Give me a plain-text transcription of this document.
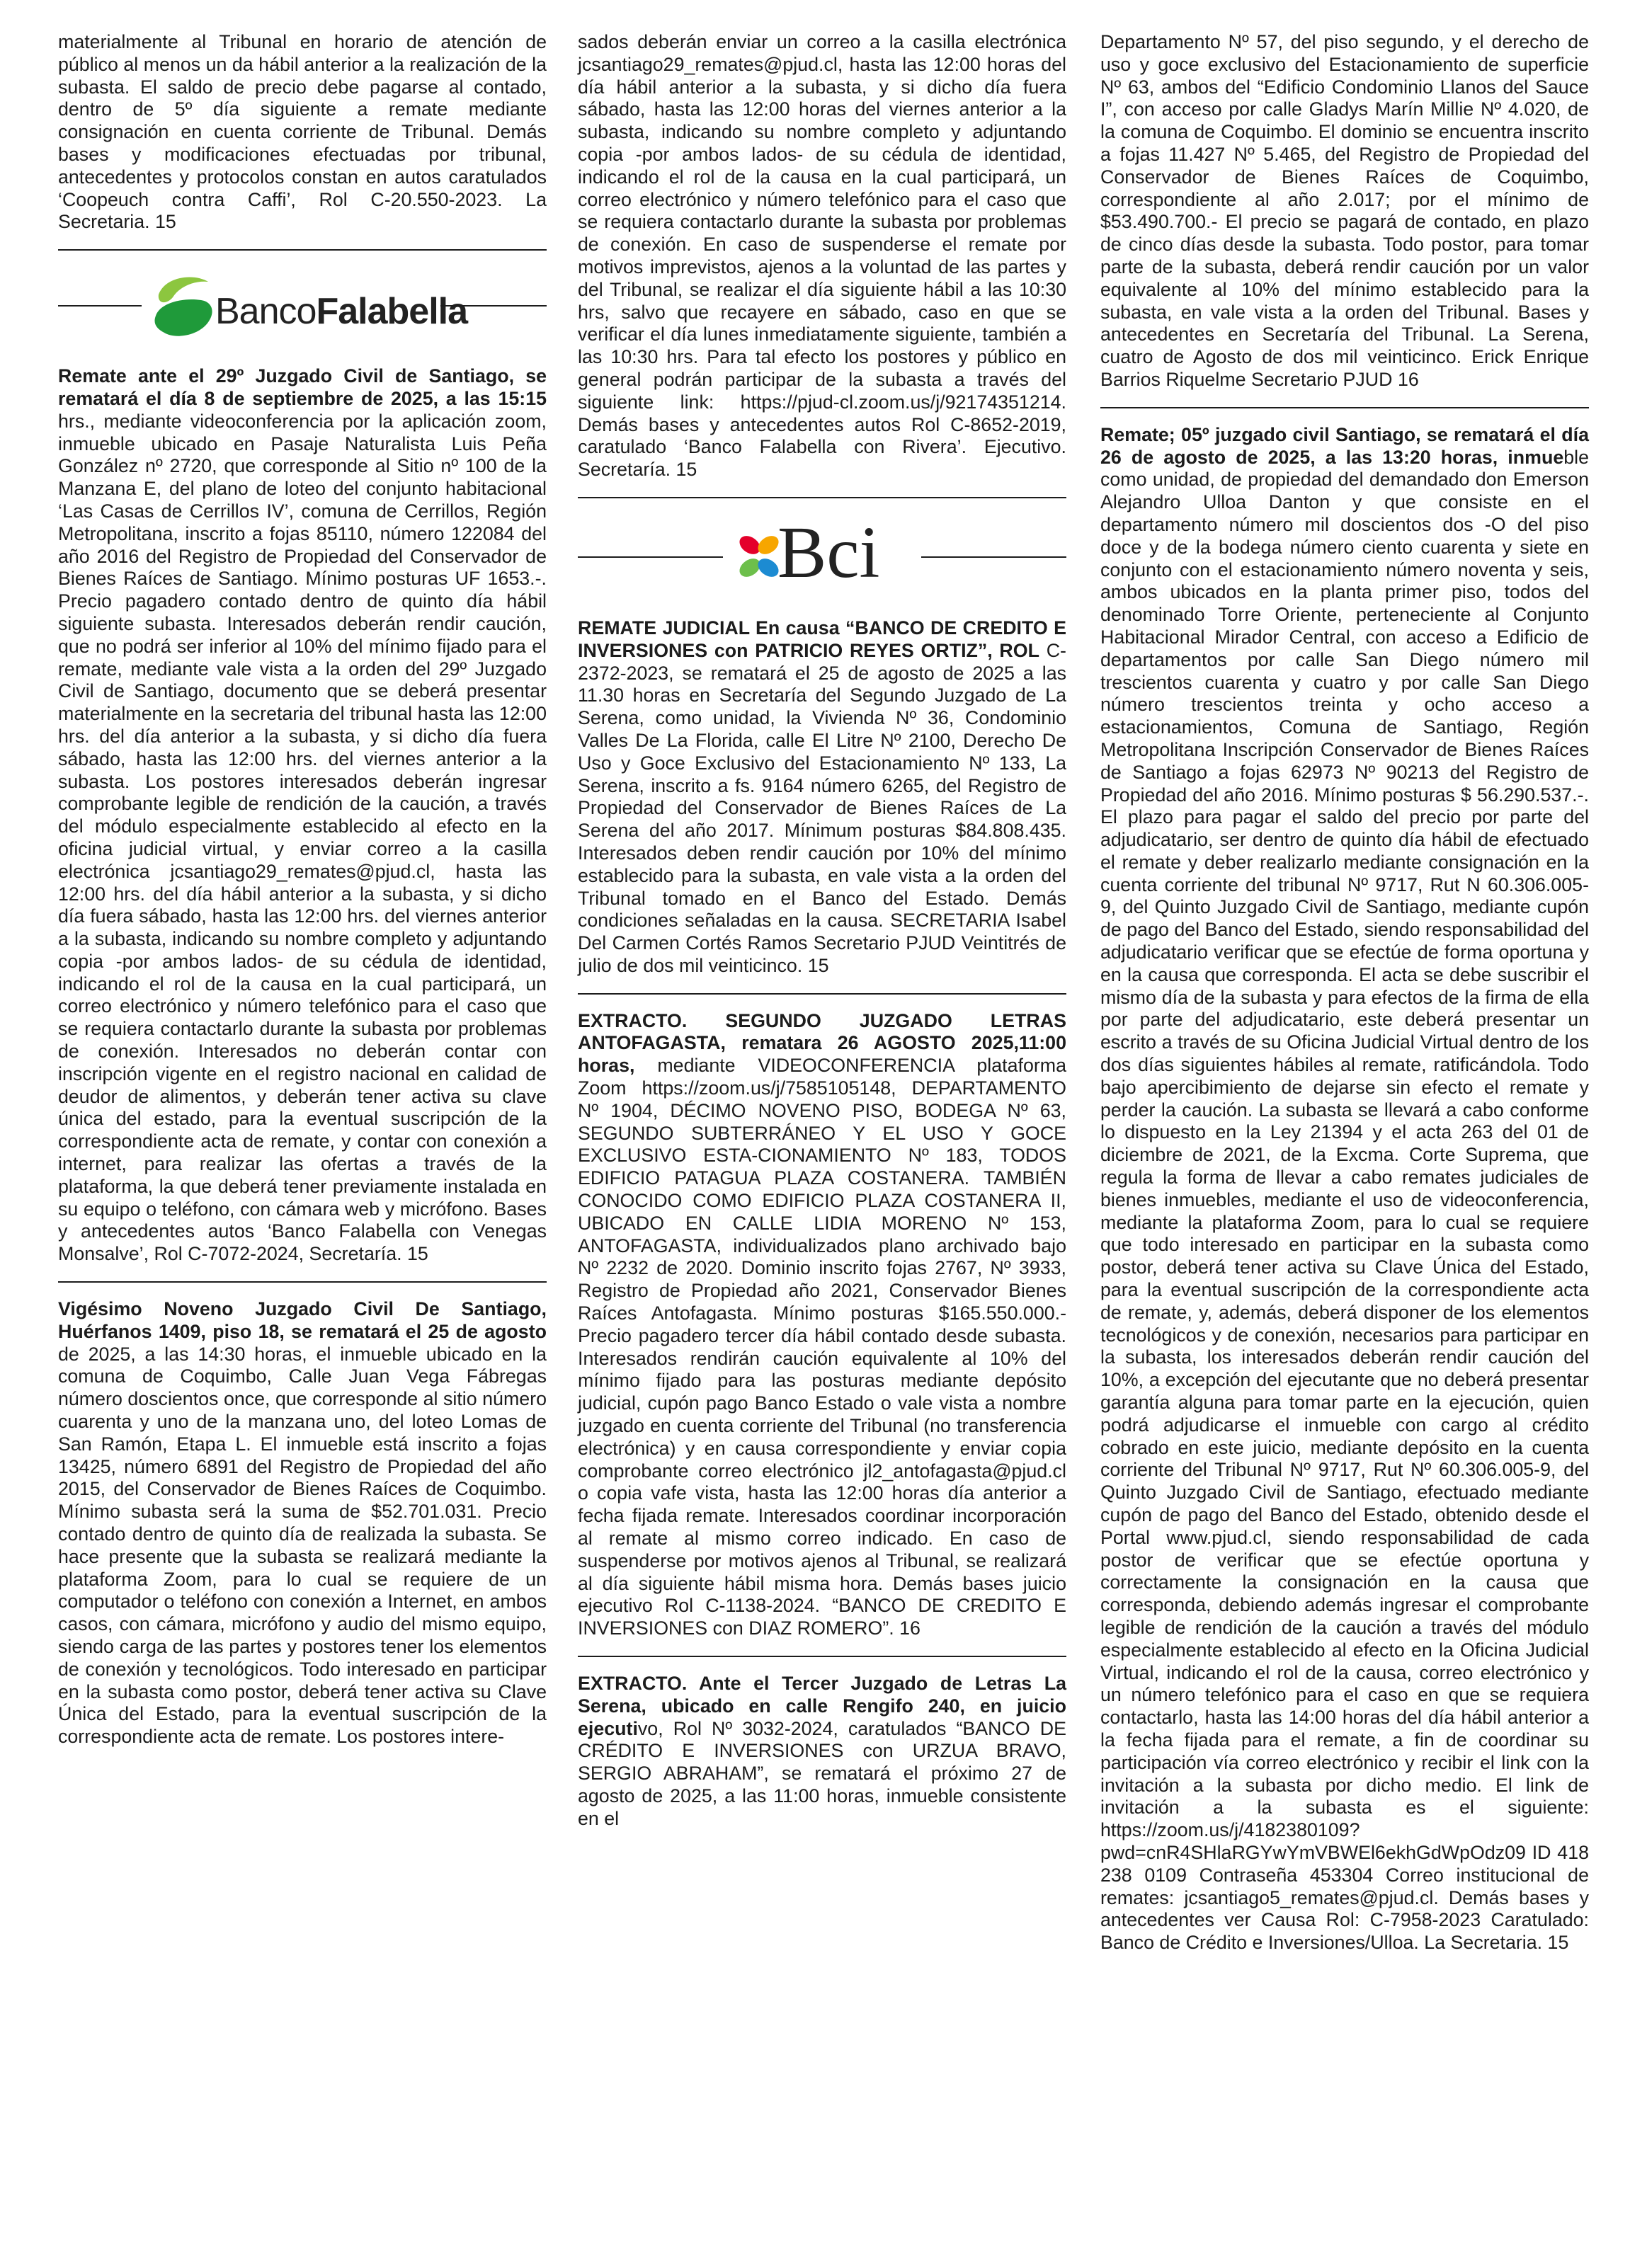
materialmente al Tribunal en horario de atención de público al menos un da hábil anterior a la realización de la subasta. El saldo de precio debe pagarse al contado, dentro de 5º día siguiente a remate mediante consignación en cuenta corriente de Tribunal. Demás bases y modificaciones efectuadas por tribunal, antecedentes y protocolos constan en autos caratulados ‘Coopeuch contra Caffi’, Rol C-20.550-2023. La Secretaria. 15

BancoFalabella

Remate ante el 29º Juzgado Civil de Santiago, se rematará el día 8 de septiembre de 2025, a las 15:15 hrs., mediante videoconferencia por la aplicación zoom, inmueble ubicado en Pasaje Naturalista Luis Peña González nº 2720, que corresponde al Sitio nº 100 de la Manzana E, del plano de loteo del conjunto habitacional ‘Las Casas de Cerrillos IV’, comuna de Cerrillos, Región Metropolitana, inscrito a fojas 85110, número 122084 del año 2016 del Registro de Propiedad del Conservador de Bienes Raíces de Santiago. Mínimo posturas UF 1653.-. Precio pagadero contado dentro de quinto día hábil siguiente subasta. Interesados deberán rendir caución, que no podrá ser inferior al 10% del mínimo fijado para el remate, mediante vale vista a la orden del 29º Juzgado Civil de Santiago, documento que se deberá presentar materialmente en la secretaria del tribunal hasta las 12:00 hrs. del día anterior a la subasta, y si dicho día fuera sábado, hasta las 12:00 hrs. del viernes anterior a la subasta. Los postores interesados deberán ingresar comprobante legible de rendición de la caución, a través del módulo especialmente establecido al efecto en la oficina judicial virtual, y enviar correo a la casilla electrónica jcsantiago29_remates@pjud.cl, hasta las 12:00 hrs. del día hábil anterior a la subasta, y si dicho día fuera sábado, hasta las 12:00 hrs. del viernes anterior a la subasta, indicando su nombre completo y adjuntando copia -por ambos lados- de su cédula de identidad, indicando el rol de la causa en la cual participará, un correo electrónico y número telefónico para el caso que se requiera contactarlo durante la subasta por problemas de conexión. Interesados no deberán contar con inscripción vigente en el registro nacional en calidad de deudor de alimentos, y deberán tener activa su clave única del estado, para la eventual suscripción de la correspondiente acta de remate, y contar con conexión a internet, para realizar las ofertas a través de la plataforma, la que deberá tener previamente instalada en su equipo o teléfono, con cámara web y micrófono. Bases y antecedentes autos ‘Banco Falabella con Venegas Monsalve’, Rol C-7072-2024, Secretaría. 15

Vigésimo Noveno Juzgado Civil De Santiago, Huérfanos 1409, piso 18, se rematará el 25 de agosto de 2025, a las 14:30 horas, el inmueble ubicado en la comuna de Coquimbo, Calle Juan Vega Fábregas número doscientos once, que corresponde al sitio número cuarenta y uno de la manzana uno, del loteo Lomas de San Ramón, Etapa L. El inmueble está inscrito a fojas 13425, número 6891 del Registro de Propiedad del año 2015, del Conservador de Bienes Raíces de Coquimbo. Mínimo subasta será la suma de $52.701.031. Precio contado dentro de quinto día de realizada la subasta. Se hace presente que la subasta se realizará mediante la plataforma Zoom, para lo cual se requiere de un computador o teléfono con conexión a Internet, en ambos casos, con cámara, micrófono y audio del mismo equipo, siendo carga de las partes y postores tener los elementos de conexión y tecnológicos. Todo interesado en participar en la subasta como postor, deberá tener activa su Clave Única del Estado, para la eventual suscripción de la correspondiente acta de remate. Los postores intere-

sados deberán enviar un correo a la casilla electrónica jcsantiago29_remates@pjud.cl, hasta las 12:00 horas del día hábil anterior a la subasta, y si dicho día fuera sábado, hasta las 12:00 horas del viernes anterior a la subasta, indicando su nombre completo y adjuntando copia -por ambos lados- de su cédula de identidad, indicando el rol de la causa en la cual participará, un correo electrónico y número telefónico para el caso que se requiera contactarlo durante la subasta por problemas de conexión. En caso de suspenderse el remate por motivos imprevistos, ajenos a la voluntad de las partes y del Tribunal, se realizar el día siguiente hábil a las 10:30 hrs, salvo que recayere en sábado, caso en que se verificar el día lunes inmediatamente siguiente, también a las 10:30 hrs. Para tal efecto los postores y público en general podrán participar de la subasta a través del siguiente link: https://pjud-cl.zoom.us/j/92174351214. Demás bases y antecedentes autos Rol C-8652-2019, caratulado ‘Banco Falabella con Rivera’. Ejecutivo. Secretaría. 15

Bci

REMATE JUDICIAL En causa “BANCO DE CREDITO E INVERSIONES con PATRICIO REYES ORTIZ”, ROL C-2372-2023, se rematará el 25 de agosto de 2025 a las 11.30 horas en Secretaría del Segundo Juzgado de La Serena, como unidad, la Vivienda Nº 36, Condominio Valles De La Florida, calle El Litre Nº 2100, Derecho De Uso y Goce Exclusivo del Estacionamiento Nº 133, La Serena, inscrito a fs. 9164 número 6265, del Registro de Propiedad del Conservador de Bienes Raíces de La Serena del año 2017. Mínimum posturas $84.808.435. Interesados deben rendir caución por 10% del mínimo establecido para la subasta, en vale vista a la orden del Tribunal tomado en el Banco del Estado. Demás condiciones señaladas en la causa. SECRETARIA Isabel Del Carmen Cortés Ramos Secretario PJUD Veintitrés de julio de dos mil veinticinco. 15

EXTRACTO. SEGUNDO JUZGADO LETRAS ANTOFAGASTA, rematara 26 AGOSTO 2025,11:00 horas, mediante VIDEOCONFERENCIA plataforma Zoom https://zoom.us/j/7585105148, DEPARTAMENTO Nº 1904, DÉCIMO NOVENO PISO, BODEGA Nº 63, SEGUNDO SUBTERRÁNEO Y EL USO Y GOCE EXCLUSIVO ESTA-CIONAMIENTO Nº 183, TODOS EDIFICIO PATAGUA PLAZA COSTANERA. TAMBIÉN CONOCIDO COMO EDIFICIO PLAZA COSTANERA II, UBICADO EN CALLE LIDIA MORENO Nº 153, ANTOFAGASTA, individualizados plano archivado bajo Nº 2232 de 2020. Dominio inscrito fojas 2767, Nº 3933, Registro de Propiedad año 2021, Conservador Bienes Raíces Antofagasta. Mínimo posturas $165.550.000.- Precio pagadero tercer día hábil contado desde subasta. Interesados rendirán caución equivalente al 10% del mínimo fijado para las posturas mediante depósito judicial, cupón pago Banco Estado o vale vista a nombre juzgado en cuenta corriente del Tribunal (no transferencia electrónica) y en causa correspondiente y enviar copia comprobante correo electrónico jl2_antofagasta@pjud.cl o copia vafe vista, hasta las 12:00 horas día anterior a fecha fijada remate. Interesados coordinar incorporación al remate al mismo correo indicado. En caso de suspenderse por motivos ajenos al Tribunal, se realizará al día siguiente hábil misma hora. Demás bases juicio ejecutivo Rol C-1138-2024. “BANCO DE CREDITO E INVERSIONES con DIAZ ROMERO”. 16

EXTRACTO. Ante el Tercer Juzgado de Letras La Serena, ubicado en calle Rengifo 240, en juicio ejecutivo, Rol Nº 3032-2024, caratulados “BANCO DE CRÉDITO E INVERSIONES con URZUA BRAVO, SERGIO ABRAHAM”, se rematará el próximo 27 de agosto de 2025, a las 11:00 horas, inmueble consistente en el

Departamento Nº 57, del piso segundo, y el derecho de uso y goce exclusivo del Estacionamiento de superficie Nº 63, ambos del “Edificio Condominio Llanos del Sauce I”, con acceso por calle Gladys Marín Millie Nº 4.020, de la comuna de Coquimbo. El dominio se encuentra inscrito a fojas 11.427 Nº 5.465, del Registro de Propiedad del Conservador de Bienes Raíces de Coquimbo, correspondiente al año 2.017; por el mínimo de $53.490.700.- El precio se pagará de contado, en plazo de cinco días desde la subasta. Todo postor, para tomar parte de la subasta, deberá rendir caución por un valor equivalente al 10% del mínimo establecido para la subasta, en vale vista a la orden del Tribunal. Bases y antecedentes en Secretaría del Tribunal. La Serena, cuatro de Agosto de dos mil veinticinco. Erick Enrique Barrios Riquelme Secretario PJUD 16

Remate; 05º juzgado civil Santiago, se rematará el día 26 de agosto de 2025, a las 13:20 horas, inmueble como unidad, de propiedad del demandado don Emerson Alejandro Ulloa Danton y que consiste en el departamento número mil doscientos dos -O del piso doce y de la bodega número ciento cuarenta y siete en conjunto con el estacionamiento número noventa y seis, ambos ubicados en la planta primer piso, todos del denominado Torre Oriente, perteneciente al Conjunto Habitacional Mirador Central, con acceso a Edificio de departamentos por calle San Diego número mil trescientos cuarenta y cuatro y por calle San Diego número trescientos treinta y ocho acceso a estacionamientos, Comuna de Santiago, Región Metropolitana Inscripción Conservador de Bienes Raíces de Santiago a fojas 62973 Nº 90213 del Registro de Propiedad del año 2016. Mínimo posturas $ 56.290.537.-. El plazo para pagar el saldo del precio por parte del adjudicatario, ser dentro de quinto día hábil de efectuado el remate y deber realizarlo mediante consignación en la cuenta corriente del tribunal Nº 9717, Rut N 60.306.005-9, del Quinto Juzgado Civil de Santiago, mediante cupón de pago del Banco del Estado, siendo responsabilidad del adjudicatario verificar que se efectúe de forma oportuna y en la causa que corresponda. El acta se debe suscribir el mismo día de la subasta y para efectos de la firma de ella por parte del adjudicatario, este deberá presentar un escrito a través de su Oficina Judicial Virtual dentro de los dos días siguientes hábiles al remate, ratificándola. Todo bajo apercibimiento de dejarse sin efecto el remate y perder la caución. La subasta se llevará a cabo conforme lo dispuesto en la Ley 21394 y el acta 263 del 01 de diciembre de 2021, de la Excma. Corte Suprema, que regula la forma de llevar a cabo remates judiciales de bienes inmuebles, mediante el uso de videoconferencia, mediante la plataforma Zoom, para lo cual se requiere que todo interesado en participar en la subasta como postor, deberá tener activa su Clave Única del Estado, para la eventual suscripción de la correspondiente acta de remate, y, además, deberá disponer de los elementos tecnológicos y de conexión, necesarios para participar en la subasta, los interesados deberán rendir caución del 10%, a excepción del ejecutante que no deberá presentar garantía alguna para tomar parte en la ejecución, quien podrá adjudicarse el inmueble con cargo al crédito cobrado en este juicio, mediante depósito en la cuenta corriente del Tribunal Nº 9717, Rut Nº 60.306.005-9, del Quinto Juzgado Civil de Santiago, efectuado mediante cupón de pago del Banco del Estado, obtenido desde el Portal www.pjud.cl, siendo responsabilidad de cada postor de verificar que se efectúe oportuna y correctamente la consignación en la causa que corresponda, debiendo además ingresar el comprobante legible de rendición de la caución a través del módulo especialmente establecido al efecto en la Oficina Judicial Virtual, indicando el rol de la causa, correo electrónico y un número telefónico para el caso en que se requiera contactarlo, hasta las 14:00 horas del día hábil anterior a la fecha fijada para el remate, a fin de coordinar su participación vía correo electrónico y recibir el link con la invitación a la subasta por dicho medio. El link de invitación a la subasta es el siguiente: https://zoom.us/j/4182380109?pwd=cnR4SHlaRGYwYmVBWEl6ekhGdWpOdz09 ID 418 238 0109 Contraseña 453304 Correo institucional de remates: jcsantiago5_remates@pjud.cl. Demás bases y antecedentes ver Causa Rol: C-7958-2023 Caratulado: Banco de Crédito e Inversiones/Ulloa. La Secretaria. 15
